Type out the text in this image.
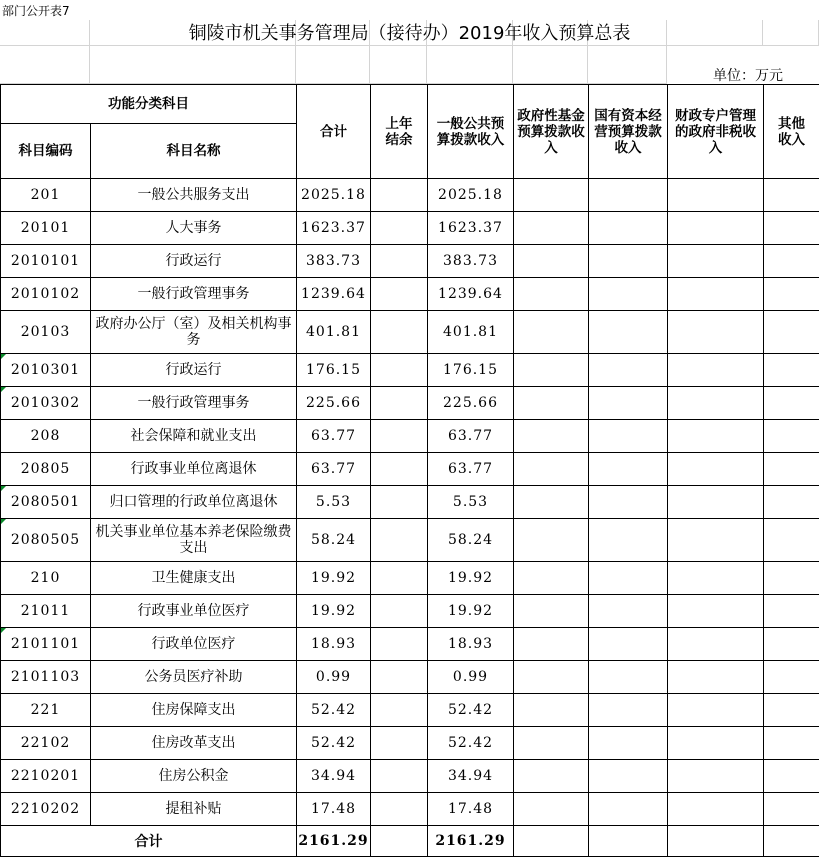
部门公开表7
铜陵市机关事务管理局（接待办）2019年收入预算总表
单位：万元
功能分类科目		合计	上年结余	一般公共预算拨款收入	政府性基金预算拨款收入	国有资本经营预算拨款收入	财政专户管理的政府非税收入	其他收入

科目编码	科目名称							
201	一般公共服务支出	2025.18		2025.18				
20101	人大事务	1623.37		1623.37				
2010101	行政运行	383.73		383.73				
2010102	一般行政管理事务	1239.64		1239.64				
20103	政府办公厅（室）及相关机构事务	401.81		401.81				
2010301	行政运行	176.15		176.15				
2010302	一般行政管理事务	225.66		225.66				
208	社会保障和就业支出	63.77		63.77				
20805	行政事业单位离退休	63.77		63.77				
2080501	归口管理的行政单位离退休	5.53		5.53				
2080505	机关事业单位基本养老保险缴费支出	58.24		58.24				
210	卫生健康支出	19.92		19.92				
21011	行政事业单位医疗	19.92		19.92				
2101101	行政单位医疗	18.93		18.93				
2101103	公务员医疗补助	0.99		0.99				
221	住房保障支出	52.42		52.42				
22102	住房改革支出	52.42		52.42				
2210201	住房公积金	34.94		34.94				
2210202	提租补贴	17.48		17.48				
合计		2161.29		2161.29				
